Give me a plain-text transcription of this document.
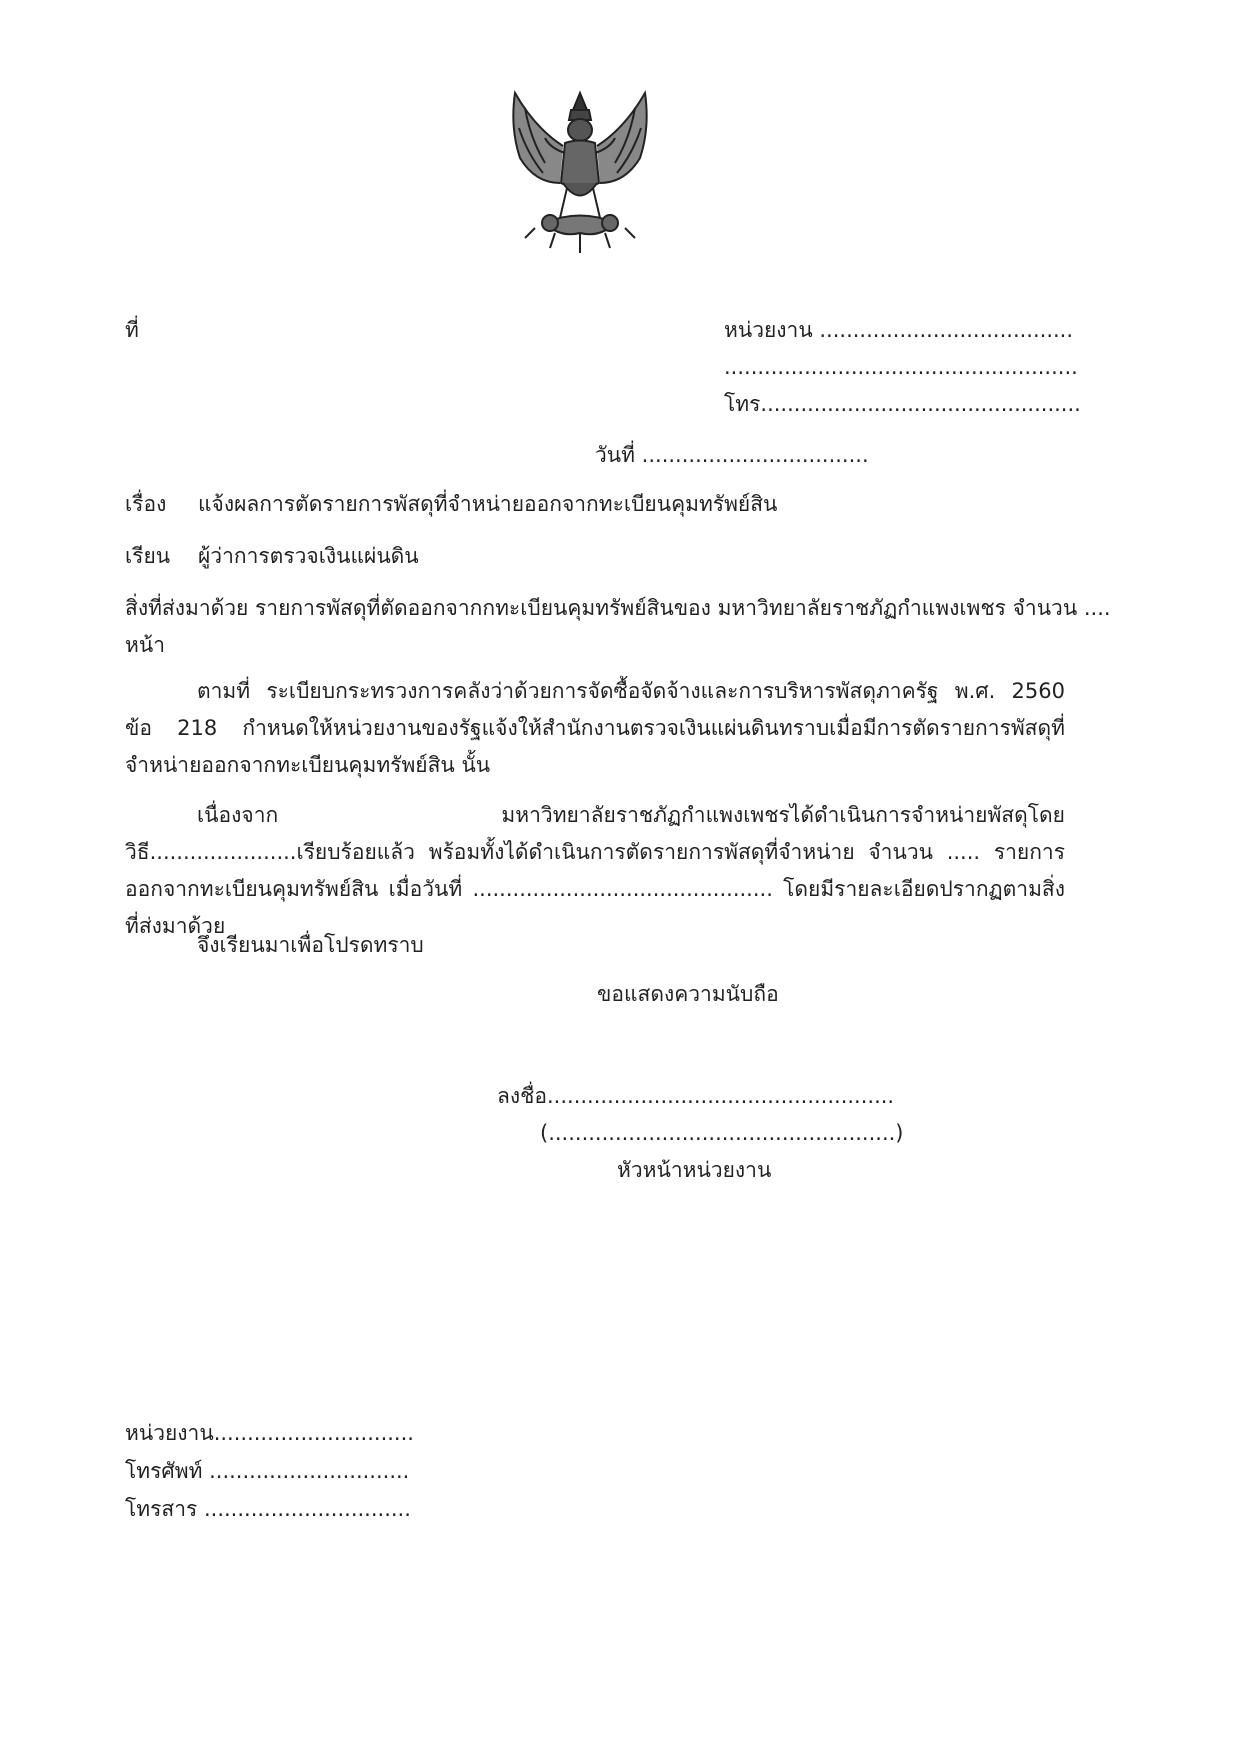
ที่	หน่วยงาน ......................................
.....................................................
โทร................................................
วันที่ ..................................
เรื่อง แจ้งผลการตัดรายการพัสดุที่จำหน่ายออกจากทะเบียนคุมทรัพย์สิน
เรียน ผู้ว่าการตรวจเงินแผ่นดิน
สิ่งที่ส่งมาด้วย รายการพัสดุที่ตัดออกจากกทะเบียนคุมทรัพย์สินของ มหาวิทยาลัยราชภัฏกำแพงเพชร จำนวน ....
หน้า
ตามที่ ระเบียบกระทรวงการคลังว่าด้วยการจัดซื้อจัดจ้างและการบริหารพัสดุภาครัฐ พ.ศ. 2560 ข้อ 218 กำหนดให้หน่วยงานของรัฐแจ้งให้สำนักงานตรวจเงินแผ่นดินทราบเมื่อมีการตัดรายการพัสดุที่จำหน่ายออกจากทะเบียนคุมทรัพย์สิน นั้น
เนื่องจาก มหาวิทยาลัยราชภัฏกำแพงเพชรได้ดำเนินการจำหน่ายพัสดุโดยวิธี......................เรียบร้อยแล้ว พร้อมทั้งได้ดำเนินการตัดรายการพัสดุที่จำหน่าย จำนวน ..... รายการ ออกจากทะเบียนคุมทรัพย์สิน เมื่อวันที่ ............................................. โดยมีรายละเอียดปรากฏตามสิ่งที่ส่งมาด้วย
จึงเรียนมาเพื่อโปรดทราบ
ขอแสดงความนับถือ
ลงชื่อ....................................................
(....................................................)
หัวหน้าหน่วยงาน
หน่วยงาน..............................
โทรศัพท์ ..............................
โทรสาร ...............................
